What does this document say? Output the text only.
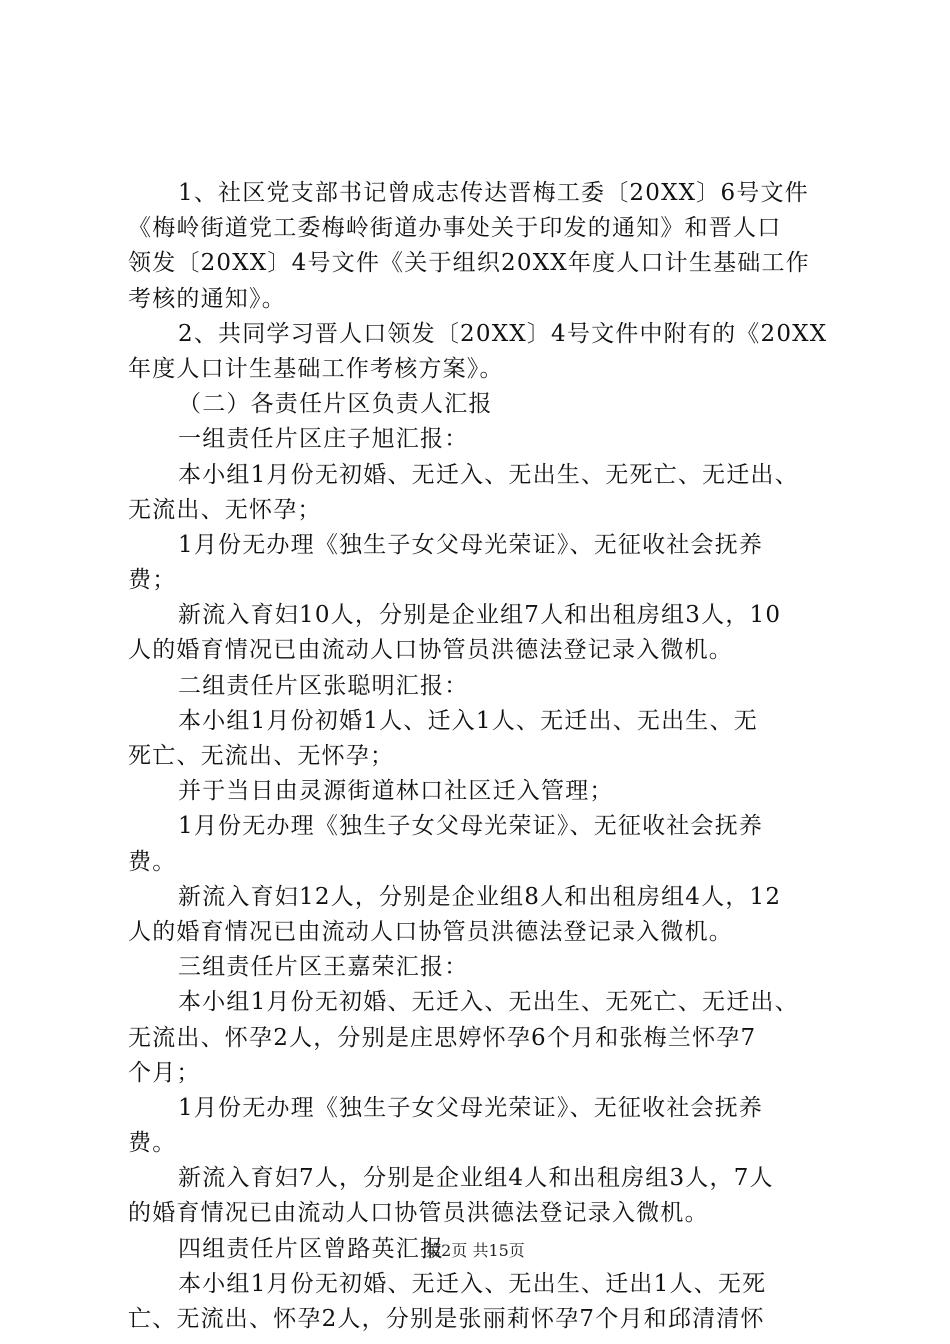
1、社区党支部书记曾成志传达晋梅工委〔20XX〕6号文件
《梅岭街道党工委梅岭街道办事处关于印发的通知》和晋人口
领发〔20XX〕4号文件《关于组织20XX年度人口计生基础工作
考核的通知》。
2、共同学习晋人口领发〔20XX〕4号文件中附有的《20XX
年度人口计生基础工作考核方案》。
（二）各责任片区负责人汇报
一组责任片区庄子旭汇报：
本小组1月份无初婚、无迁入、无出生、无死亡、无迁出、
无流出、无怀孕；
1月份无办理《独生子女父母光荣证》、无征收社会抚养
费；
新流入育妇10人，分别是企业组7人和出租房组3人，10
人的婚育情况已由流动人口协管员洪德法登记录入微机。
二组责任片区张聪明汇报：
本小组1月份初婚1人、迁入1人、无迁出、无出生、无
死亡、无流出、无怀孕；
并于当日由灵源街道林口社区迁入管理；
1月份无办理《独生子女父母光荣证》、无征收社会抚养
费。
新流入育妇12人，分别是企业组8人和出租房组4人，12
人的婚育情况已由流动人口协管员洪德法登记录入微机。
三组责任片区王嘉荣汇报：
本小组1月份无初婚、无迁入、无出生、无死亡、无迁出、
无流出、怀孕2人，分别是庄思婷怀孕6个月和张梅兰怀孕7
个月；
1月份无办理《独生子女父母光荣证》、无征收社会抚养
费。
新流入育妇7人，分别是企业组4人和出租房组3人，7人
的婚育情况已由流动人口协管员洪德法登记录入微机。
四组责任片区曾路英汇报
本小组1月份无初婚、无迁入、无出生、迁出1人、无死
亡、无流出、怀孕2人，分别是张丽莉怀孕7个月和邱清清怀
第2页 共15页
